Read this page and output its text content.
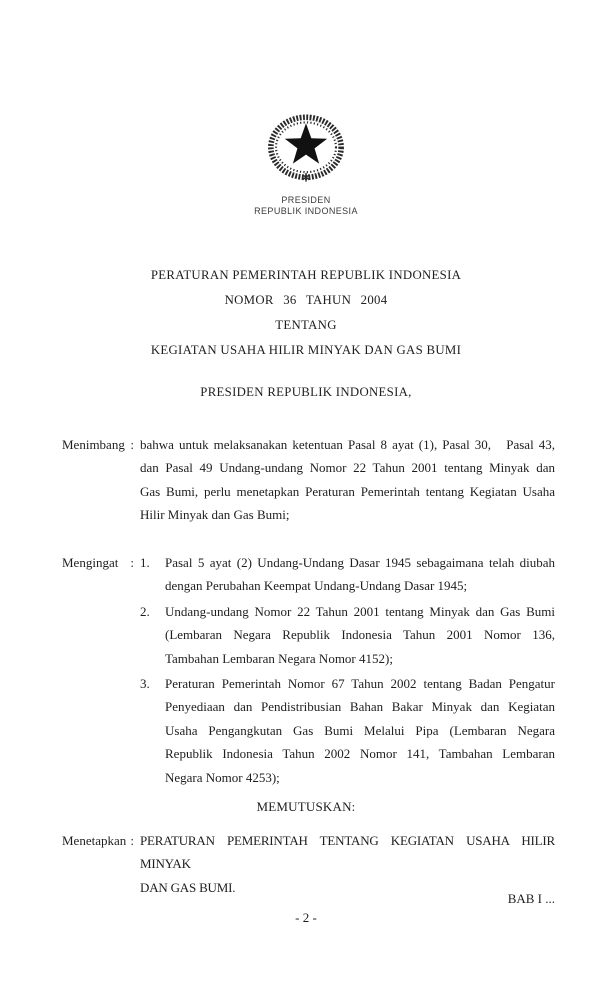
PRESIDEN
REPUBLIK INDONESIA
PERATURAN PEMERINTAH REPUBLIK INDONESIA
NOMOR 36 TAHUN 2004
TENTANG
KEGIATAN USAHA HILIR MINYAK DAN GAS BUMI
PRESIDEN REPUBLIK INDONESIA,
Menimbang : bahwa untuk melaksanakan ketentuan Pasal 8 ayat (1), Pasal 30,   Pasal 43,
dan Pasal 49 Undang-undang Nomor 22 Tahun 2001 tentang Minyak dan
Gas Bumi, perlu menetapkan Peraturan Pemerintah tentang Kegiatan Usaha
Hilir Minyak dan Gas Bumi;
Mengingat : 1.	Pasal 5 ayat (2) Undang-Undang Dasar 1945 sebagaimana telah diubah
dengan Perubahan Keempat Undang-Undang Dasar 1945;
2.	Undang-undang Nomor 22 Tahun 2001 tentang Minyak dan Gas Bumi
(Lembaran Negara Republik Indonesia Tahun 2001 Nomor 136,
Tambahan Lembaran Negara Nomor 4152);
3.	Peraturan Pemerintah Nomor 67 Tahun 2002 tentang Badan Pengatur
Penyediaan dan Pendistribusian Bahan Bakar Minyak dan Kegiatan
Usaha Pengangkutan Gas Bumi Melalui Pipa (Lembaran Negara
Republik Indonesia Tahun 2002 Nomor 141, Tambahan Lembaran
Negara Nomor 4253);
MEMUTUSKAN:
Menetapkan : PERATURAN PEMERINTAH TENTANG KEGIATAN USAHA HILIR MINYAK
DAN GAS BUMI.
BAB I ...
- 2 -
